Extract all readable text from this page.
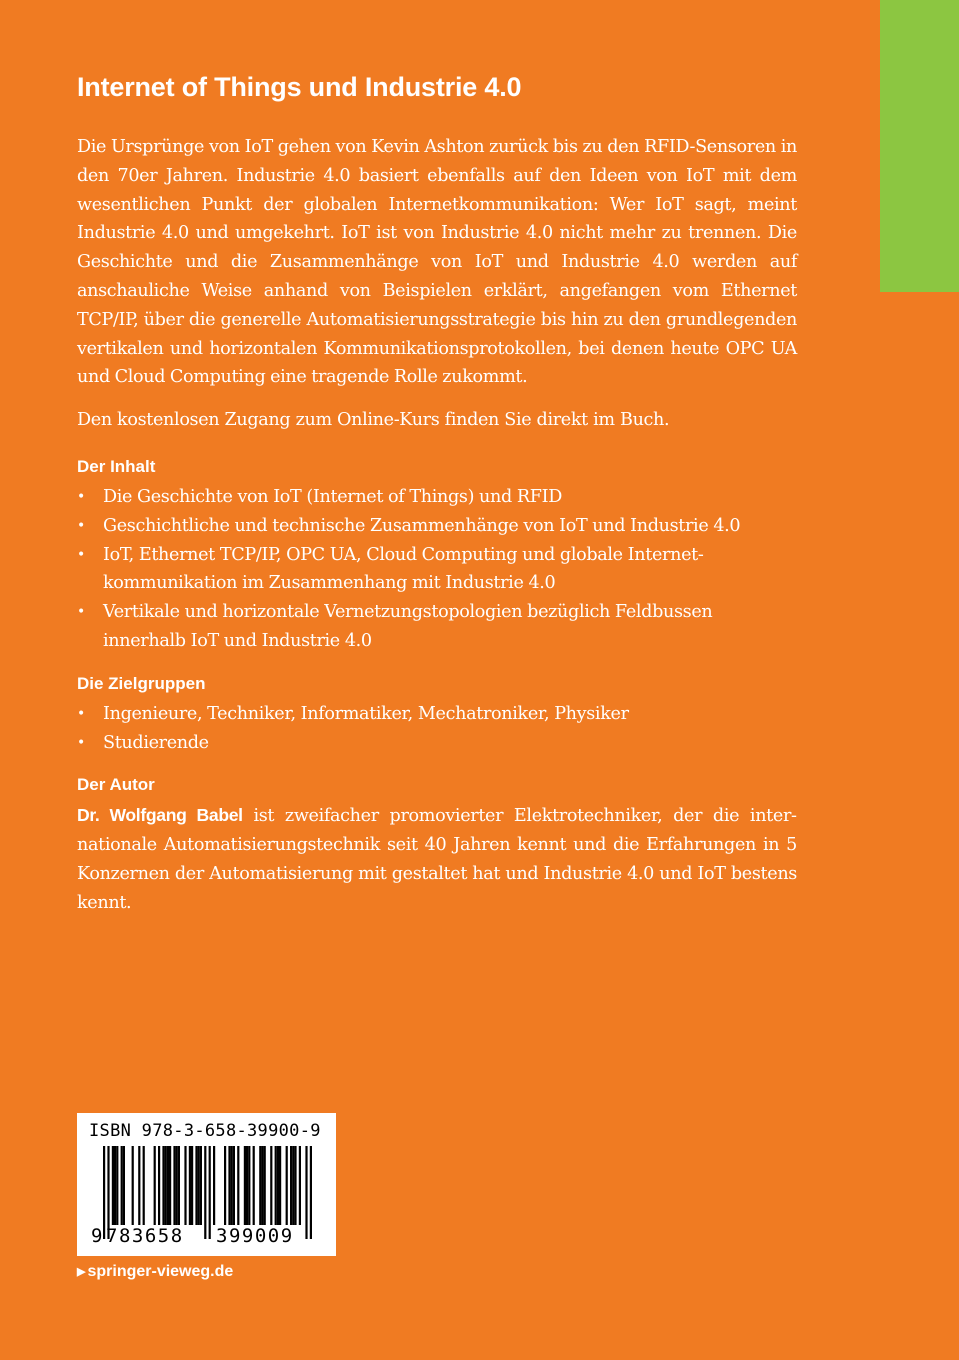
Internet of Things und Industrie 4.0

Die Ursprünge von IoT gehen von Kevin Ashton zurück bis zu den RFID-Sensoren in den 70er Jahren. Industrie 4.0 basiert ebenfalls auf den Ideen von IoT mit dem wesentlichen Punkt der globalen Internetkommunikation: Wer IoT sagt, meint Industrie 4.0 und umgekehrt. IoT ist von Industrie 4.0 nicht mehr zu trennen. Die Geschichte und die Zusammenhänge von IoT und Industrie 4.0 werden auf anschauliche Weise anhand von Beispielen erklärt, angefangen vom Ethernet TCP/IP, über die generelle Automatisierungsstrategie bis hin zu den grundlegenden vertikalen und horizontalen Kommunikationsprotokollen, bei denen heute OPC UA und Cloud Computing eine tragende Rolle zukommt.

Den kostenlosen Zugang zum Online-Kurs finden Sie direkt im Buch.

Der Inhalt
• Die Geschichte von IoT (Internet of Things) und RFID
• Geschichtliche und technische Zusammenhänge von IoT und Industrie 4.0
• IoT, Ethernet TCP/IP, OPC UA, Cloud Computing und globale Internetkommunikation im Zusammenhang mit Industrie 4.0
• Vertikale und horizontale Vernetzungstopologien bezüglich Feldbussen innerhalb IoT und Industrie 4.0
Die Zielgruppen
• Ingenieure, Techniker, Informatiker, Mechatroniker, Physiker
• Studierende
Der Autor

Dr. Wolfgang Babel ist zweifacher promovierter Elektrotechniker, der die internationale Automatisierungstechnik seit 40 Jahren kennt und die Erfahrungen in 5 Konzernen der Automatisierung mit gestaltet hat und Industrie 4.0 und IoT bestens kennt.

ISBN 978-3-658-39900-9
9 783658 399009
▶ springer-vieweg.de
